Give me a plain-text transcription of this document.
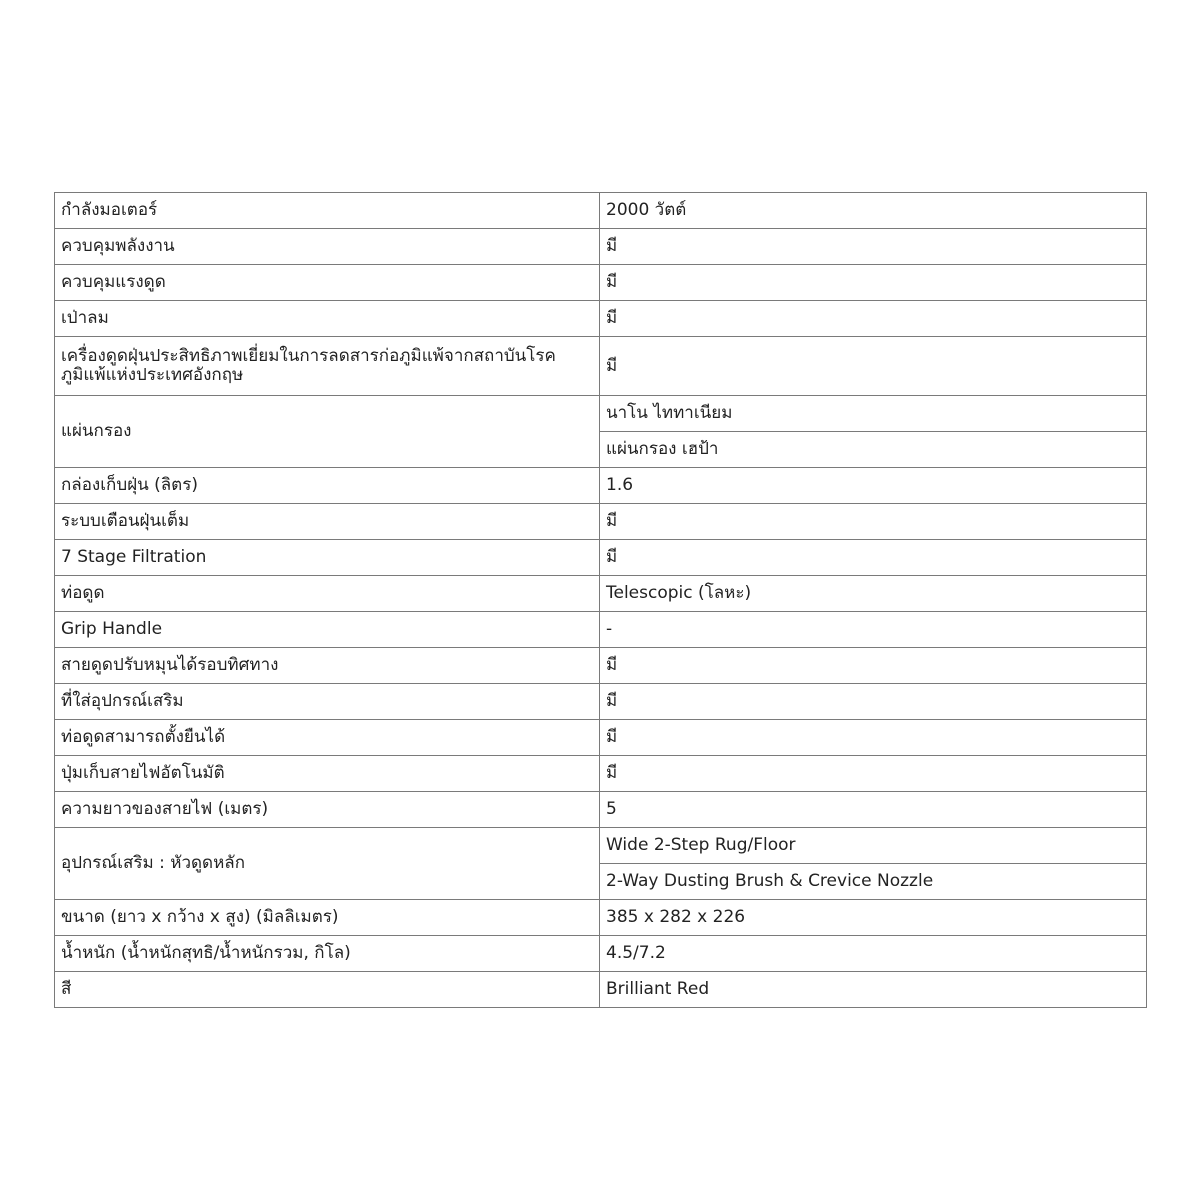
กำลังมอเตอร์	2000 วัตต์
ควบคุมพลังงาน	มี
ควบคุมแรงดูด	มี
เป่าลม	มี
เครื่องดูดฝุ่นประสิทธิภาพเยี่ยมในการลดสารก่อภูมิแพ้จากสถาบันโรคภูมิแพ้แห่งประเทศอังกฤษ	มี
แผ่นกรอง	นาโน ไททาเนียม
	แผ่นกรอง เฮป้า
กล่องเก็บฝุ่น (ลิตร)	1.6
ระบบเตือนฝุ่นเต็ม	มี
7 Stage Filtration	มี
ท่อดูด	Telescopic (โลหะ)
Grip Handle	-
สายดูดปรับหมุนได้รอบทิศทาง	มี
ที่ใส่อุปกรณ์เสริม	มี
ท่อดูดสามารถตั้งยืนได้	มี
ปุ่มเก็บสายไฟอัตโนมัติ	มี
ความยาวของสายไฟ (เมตร)	5
อุปกรณ์เสริม : หัวดูดหลัก	Wide 2-Step Rug/Floor
	2-Way Dusting Brush & Crevice Nozzle
ขนาด (ยาว x กว้าง x สูง) (มิลลิเมตร)	385 x 282 x 226
น้ำหนัก (น้ำหนักสุทธิ/น้ำหนักรวม, กิโล)	4.5/7.2
สี	Brilliant Red
